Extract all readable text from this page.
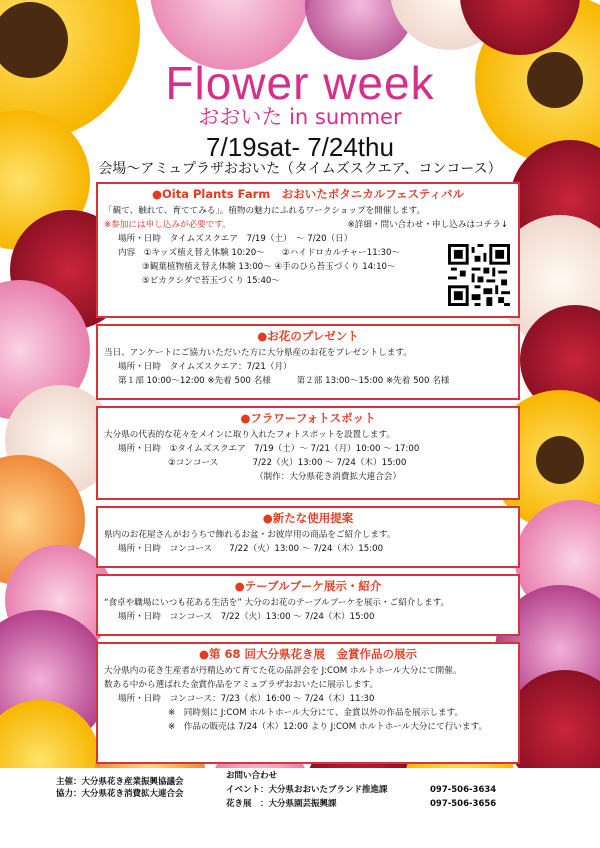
Flower week
おおいた in summer
7/19sat- 7/24thu
会場～アミュプラザおおいた（タイムズスクエア、コンコース）
●Oita Plants Farm　おおいたボタニカルフェスティバル
「観て、触れて、育ててみる」。植物の魅力にふれるワークショップを開催します。
※参加には申し込みが必要です。	※詳細・問い合わせ・申し込みはコチラ↓
場所・日時　タイムズスクエア　7/19（土）　～ 7/20（日）
内容　①キッズ植え替え体験 10:20～　　②ハイドロカルチャー11:30～
③観葉植物植え替え体験 13:00～ ④手のひら苔玉づくり 14:10～
⑤ピカクシダで苔玉づくり 15:40～
●お花のプレゼント
当日、アンケートにご協力いただいた方に大分県産のお花をプレゼントします。
場所・日時　タイムズスクエア：7/21（月）
第１部 10:00～12:00 ※先着 500 名様　　　第２部 13:00～15:00 ※先着 500 名様
●フラワーフォトスポット
大分県の代表的な花々をメインに取り入れたフォトスポットを設置します。
場所・日時　①タイムズスクエア　7/19（土）～ 7/21（月）10:00 ～ 17:00
②コンコース　　　　7/22（火）13:00 ～ 7/24（木）15:00
（制作：大分県花き消費拡大連合会）
●新たな使用提案
県内のお花屋さんがおうちで飾れるお盆・お彼岸用の商品をご紹介します。
場所・日時　コンコース　　7/22（火）13:00 ～ 7/24（木）15:00
●テーブルブーケ展示・紹介
“食卓や職場にいつも花ある生活を” 大分のお花のテーブルブーケを展示・ご紹介します。
場所・日時　コンコース　7/22（火）13:00 ～ 7/24（木）15:00
●第 68 回大分県花き展　金賞作品の展示
大分県内の花き生産者が丹精込めて育てた花の品評会を J:COM ホルトホール大分にて開催。
数ある中から選ばれた金賞作品をアミュプラザおおいたに展示します。
場所・日時　コンコース：7/23（水）16:00 ～ 7/24（木）11:30
※　同時刻に J:COM ホルトホール大分にて、金賞以外の作品を展示します。
※　作品の販売は 7/24（木）12:00 より J:COM ホルトホール大分にて行います。
主催：大分県花き産業振興協議会
協力：大分県花き消費拡大連合会
お問い合わせ
イベント：大分県おおいたブランド推進課	097-506-3634
花き展　：大分県園芸振興課	097-506-3656
